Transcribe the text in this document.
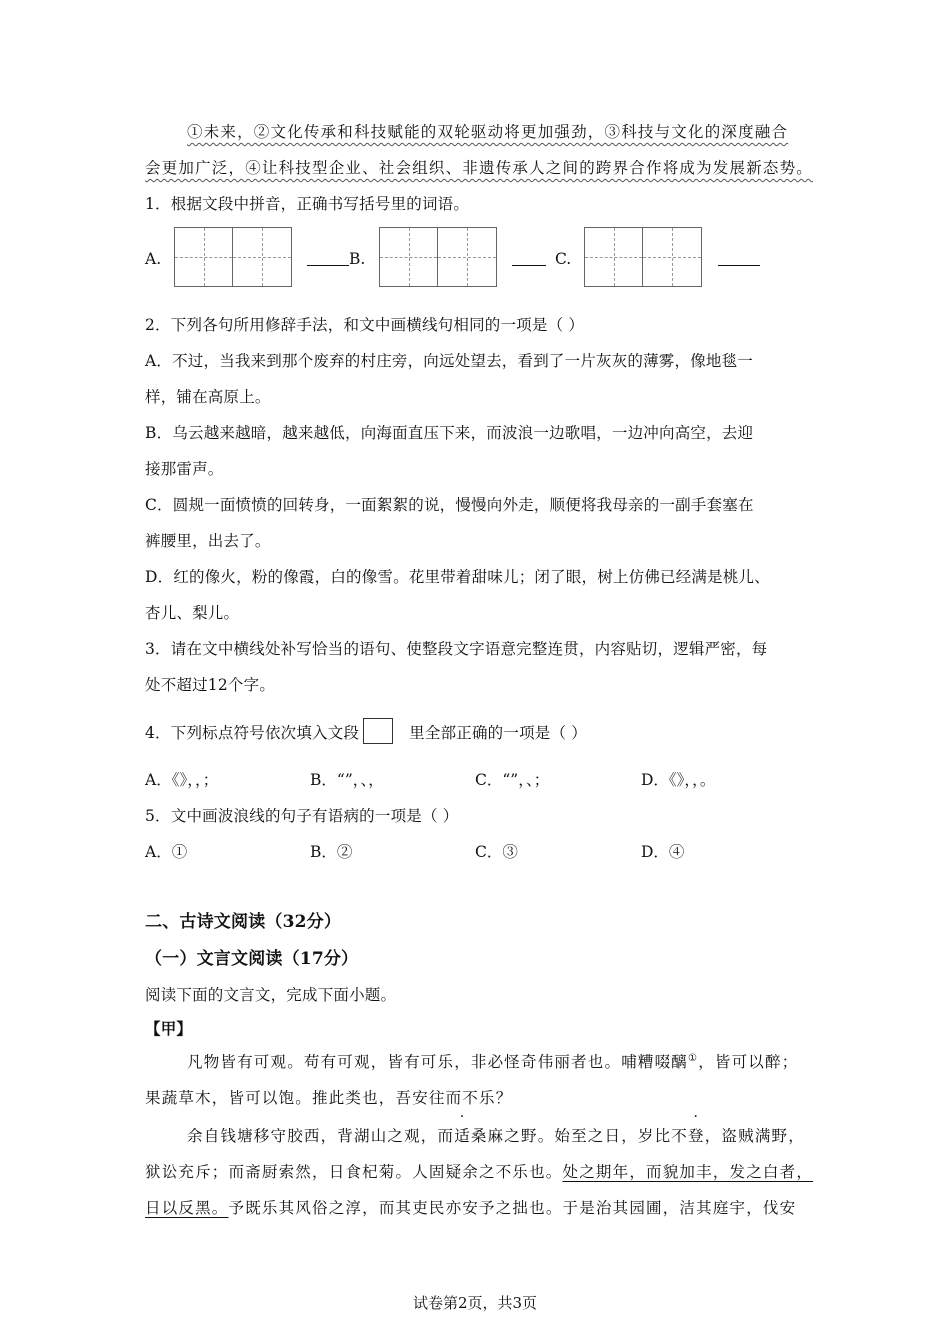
①未来，②文化传承和科技赋能的双轮驱动将更加强劲，③科技与文化的深度融合
会更加广泛，④让科技型企业、社会组织、非遗传承人之间的跨界合作将成为发展新态势。
1．根据文段中拼音，正确书写括号里的词语。
A.	B.	C.
2．下列各句所用修辞手法，和文中画横线句相同的一项是（ ）
A．不过，当我来到那个废弃的村庄旁，向远处望去，看到了一片灰灰的薄雾，像地毯一
样，铺在高原上。
B．乌云越来越暗，越来越低，向海面直压下来，而波浪一边歌唱，一边冲向高空，去迎
接那雷声。
C．圆规一面愤愤的回转身，一面絮絮的说，慢慢向外走，顺便将我母亲的一副手套塞在
裤腰里，出去了。
D．红的像火，粉的像霞，白的像雪。花里带着甜味儿；闭了眼，树上仿佛已经满是桃儿、
杏儿、梨儿。
3．请在文中横线处补写恰当的语句、使整段文字语意完整连贯，内容贴切，逻辑严密，每
处不超过12个字。
4．下列标点符号依次填入文段	里全部正确的一项是（ ）
A．《》，，；	B．“”，、，	C．“”，、；	D．《》，，。
5．文中画波浪线的句子有语病的一项是（ ）
A．①	B．②	C．③	D．④
二、古诗文阅读（32分）
（一）文言文阅读（17分）
阅读下面的文言文，完成下面小题。
【甲】
凡物皆有可观。苟有可观，皆有可乐，非必怪奇伟丽者也。哺糟啜醨①，皆可以醉；
果蔬草木，皆可以饱。推此类也，吾安往而不乐？
余自钱塘移守胶西，背湖山之观，而适桑麻之野。始至之日，岁比不登，盗贼满野，
狱讼充斥；而斋厨索然，日食杞菊。人固疑余之不乐也。处之期年，而貌加丰，发之白者，
日以反黑。予既乐其风俗之淳，而其吏民亦安予之拙也。于是治其园圃，洁其庭宇，伐安
试卷第2页，共3页
